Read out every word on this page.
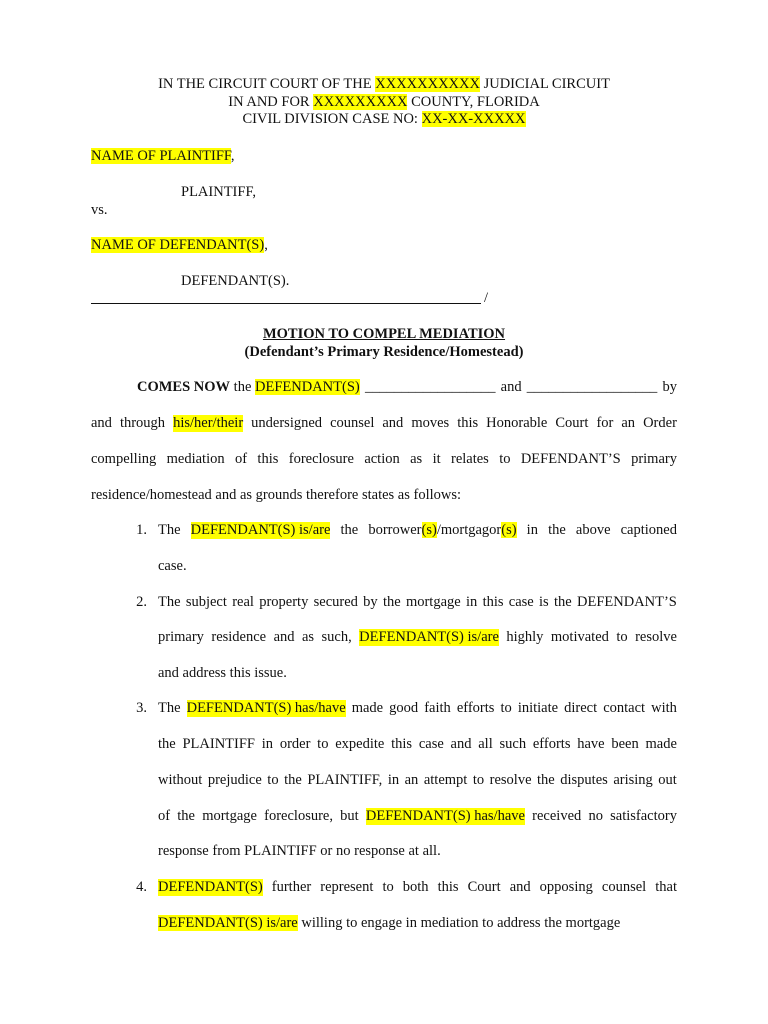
IN THE CIRCUIT COURT OF THE XXXXXXXXXX JUDICIAL CIRCUIT
IN AND FOR XXXXXXXXX COUNTY, FLORIDA
CIVIL DIVISION CASE NO: XX-XX-XXXXX
NAME OF PLAINTIFF,
PLAINTIFF,
vs.
NAME OF DEFENDANT(S),
DEFENDANT(S).
/
MOTION TO COMPEL MEDIATION
(Defendant’s Primary Residence/Homestead)
COMES NOW the DEFENDANT(S) __________________ and __________________ by
and through his/her/their undersigned counsel and moves this Honorable Court for an Order
compelling mediation of this foreclosure action as it relates to DEFENDANT’S primary
residence/homestead and as grounds therefore states as follows:
1. The DEFENDANT(S) is/are the borrower(s)/mortgagor(s) in the above captioned
case.
2. The subject real property secured by the mortgage in this case is the DEFENDANT’S
primary residence and as such, DEFENDANT(S) is/are highly motivated to resolve
and address this issue.
3. The DEFENDANT(S) has/have made good faith efforts to initiate direct contact with
the PLAINTIFF in order to expedite this case and all such efforts have been made
without prejudice to the PLAINTIFF, in an attempt to resolve the disputes arising out
of the mortgage foreclosure, but DEFENDANT(S) has/have received no satisfactory
response from PLAINTIFF or no response at all.
4. DEFENDANT(S) further represent to both this Court and opposing counsel that
DEFENDANT(S) is/are willing to engage in mediation to address the mortgage
